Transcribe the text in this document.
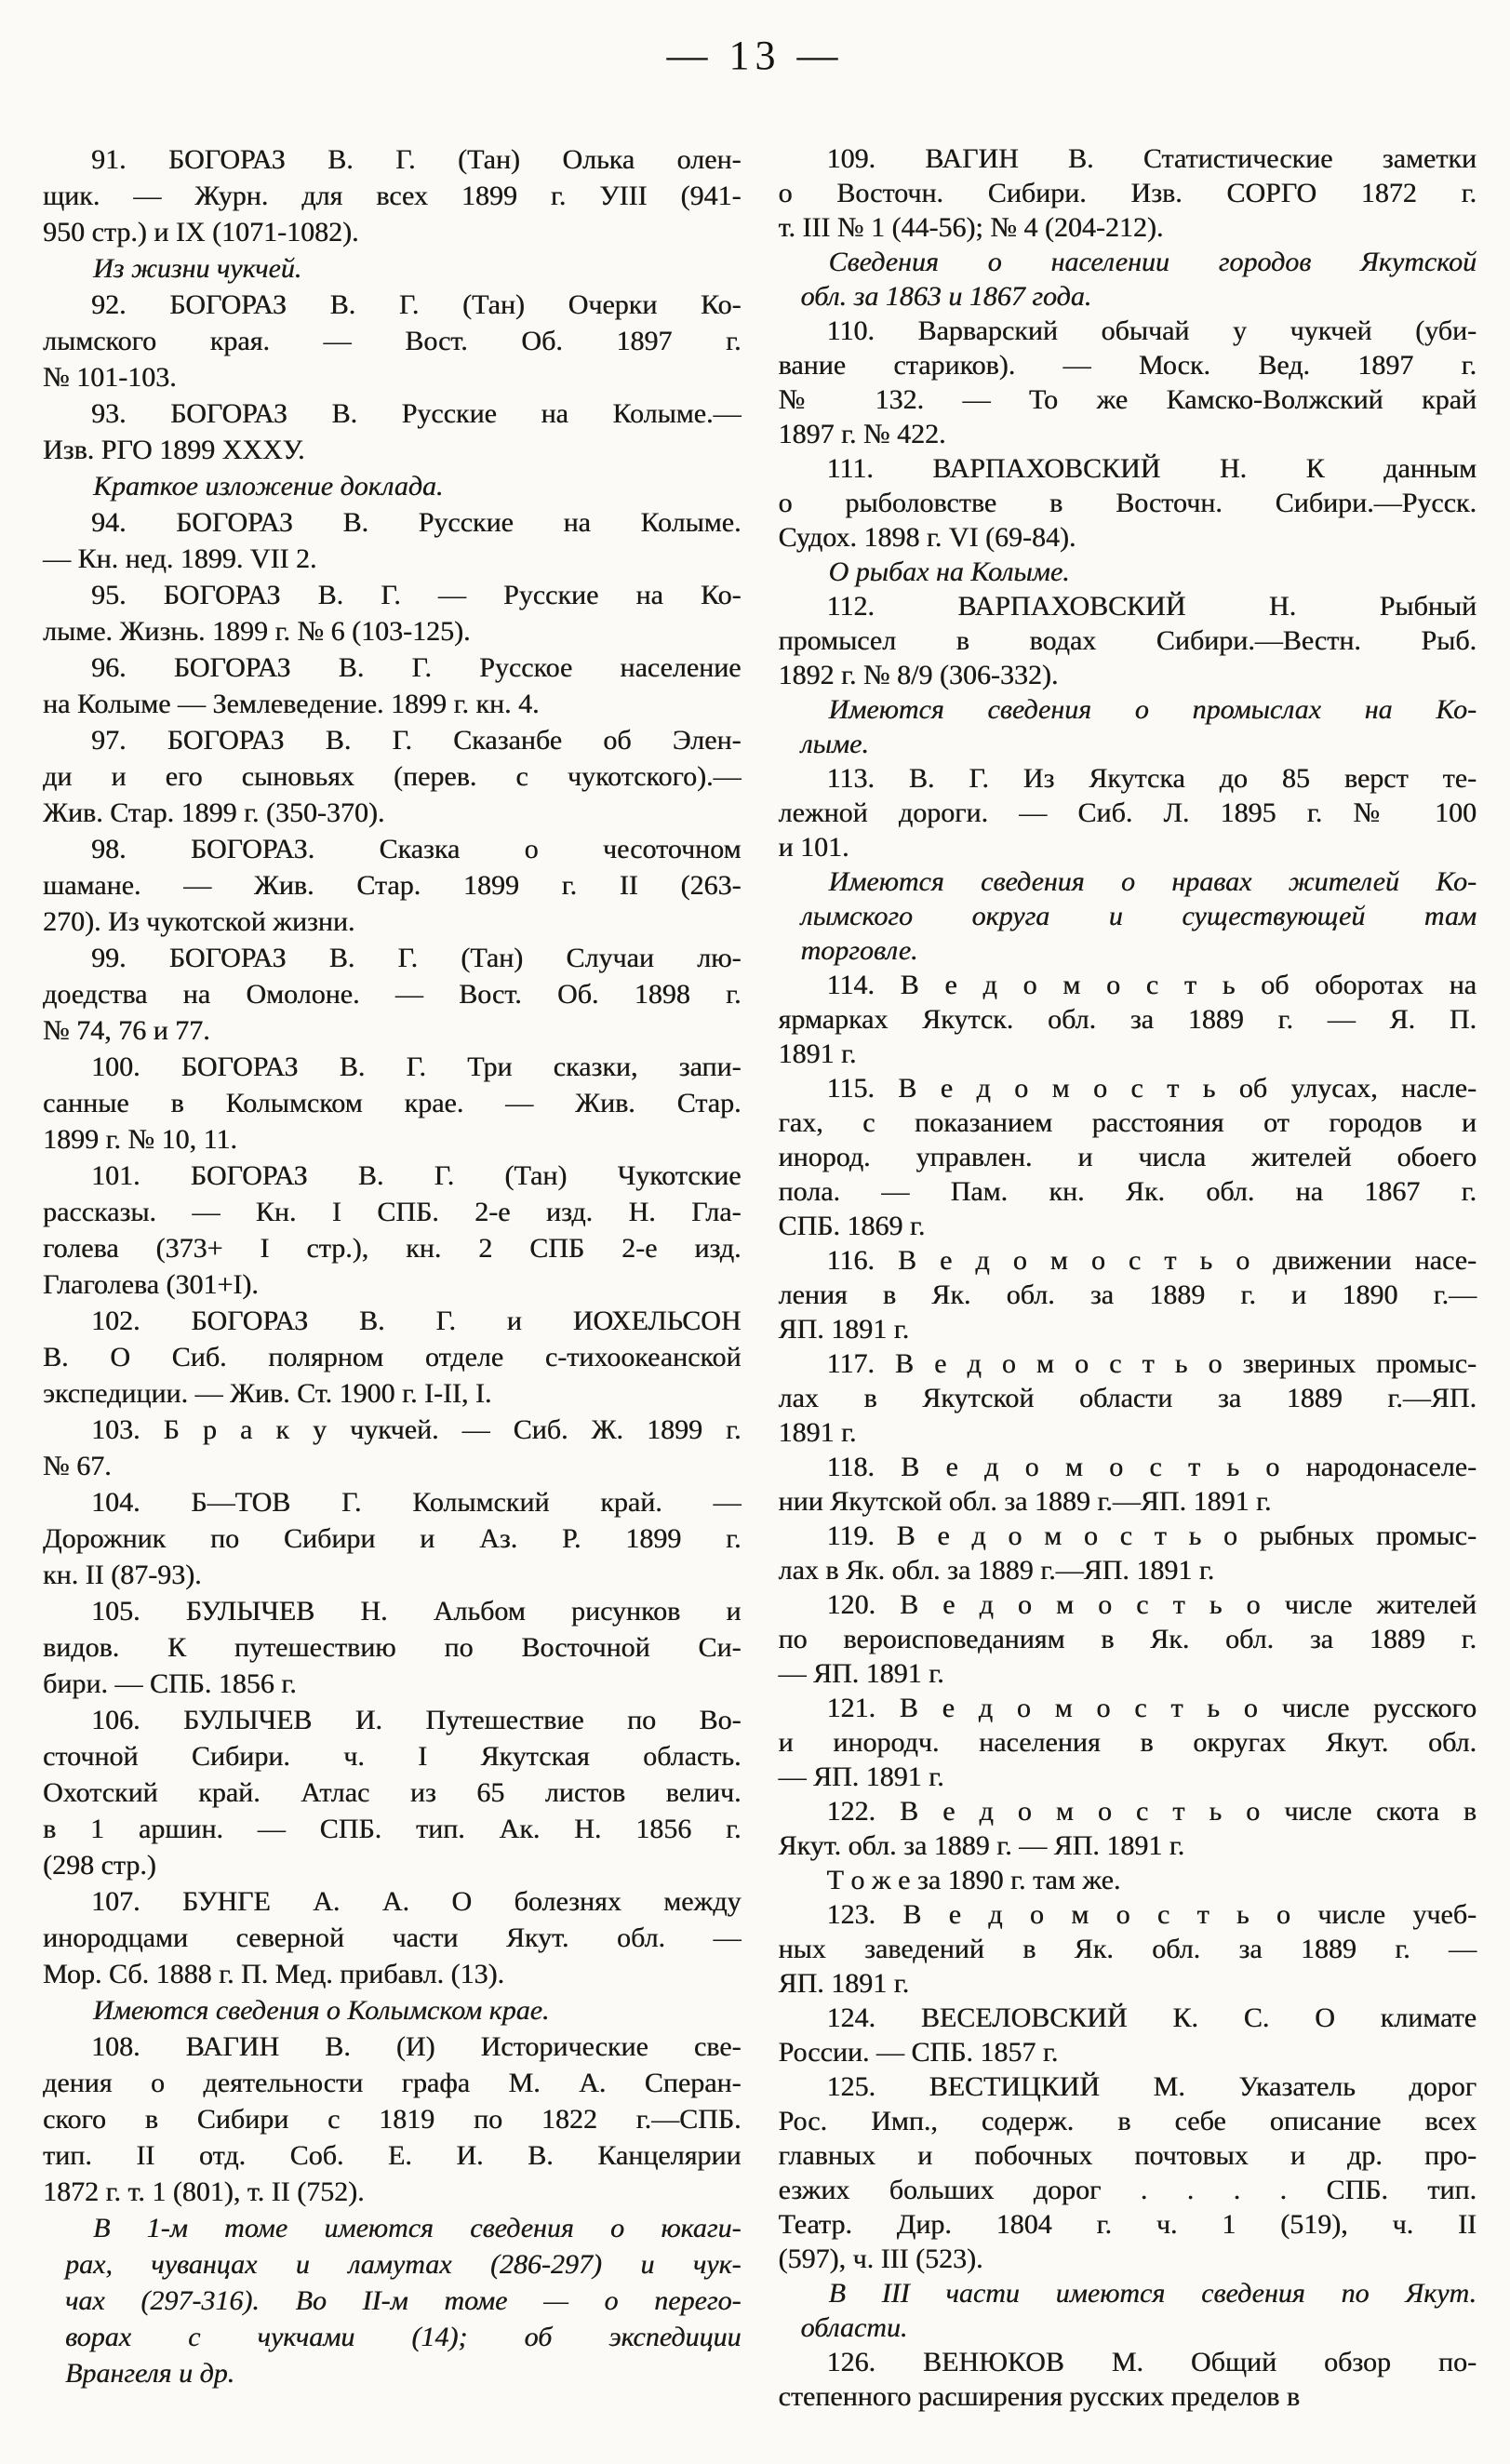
— 13 —

91. БОГОРАЗ В. Г. (Тан) Олька олен-
щик. — Журн. для всех 1899 г. УIII (941-
950 стр.) и IX (1071-1082).

Из жизни чукчей.

92. БОГОРАЗ В. Г. (Тан) Очерки Ко-
лымского края. — Вост. Об. 1897 г.
№ 101-103.

93. БОГОРАЗ В. Русские на Колыме.—
Изв. РГО 1899 ХХХУ.

Краткое изложение доклада.

94. БОГОРАЗ В. Русские на Колыме.
— Кн. нед. 1899. VII 2.

95. БОГОРАЗ В. Г. — Русские на Ко-
лыме. Жизнь. 1899 г. № 6 (103-125).

96. БОГОРАЗ В. Г. Русское население
на Колыме — Землеведение. 1899 г. кн. 4.

97. БОГОРАЗ В. Г. Сказанбе об Элен-
ди и его сыновьях (перев. с чукотского).—
Жив. Стар. 1899 г. (350-370).

98. БОГОРАЗ. Сказка о чесоточном
шамане. — Жив. Стар. 1899 г. II (263-
270). Из чукотской жизни.

99. БОГОРАЗ В. Г. (Тан) Случаи лю-
доедства на Омолоне. — Вост. Об. 1898 г.
№ 74, 76 и 77.

100. БОГОРАЗ В. Г. Три сказки, запи-
санные в Колымском крае. — Жив. Стар.
1899 г. № 10, 11.

101. БОГОРАЗ В. Г. (Тан) Чукотские
рассказы. — Кн. I СПБ. 2-е изд. Н. Гла-
голева (373+ I стр.), кн. 2 СПБ 2-е изд.
Глаголева (301+I).

102. БОГОРАЗ В. Г. и ИОХЕЛЬСОН
В. О Сиб. полярном отделе с-тихоокеанской
экспедиции. — Жив. Ст. 1900 г. I-II, I.

103. Б р а к у чукчей. — Сиб. Ж. 1899 г.
№ 67.

104. Б—ТОВ Г. Колымский край. —
Дорожник по Сибири и Аз. Р. 1899 г.
кн. II (87-93).

105. БУЛЫЧЕВ Н. Альбом рисунков и
видов. К путешествию по Восточной Си-
бири. — СПБ. 1856 г.

106. БУЛЫЧЕВ И. Путешествие по Во-
сточной Сибири. ч. I Якутская область.
Охотский край. Атлас из 65 листов велич.
в 1 аршин. — СПБ. тип. Ак. Н. 1856 г.
(298 стр.)

107. БУНГЕ А. А. О болезнях между
инородцами северной части Якут. обл. —
Мор. Сб. 1888 г. П. Мед. прибавл. (13).

Имеются сведения о Колымском крае.

108. ВАГИН В. (И) Исторические све-
дения о деятельности графа М. А. Сперан-
ского в Сибири с 1819 по 1822 г.—СПБ.
тип. II отд. Соб. Е. И. В. Канцелярии
1872 г. т. 1 (801), т. II (752).

В 1-м томе имеются сведения о юкаги-
рах, чуванцах и ламутах (286-297) и чук-
чах (297-316). Во II-м томе — о перего-
ворах с чукчами (14); об экспедиции
Врангеля и др.

109. ВАГИН В. Статистические заметки
о Восточн. Сибири. Изв. СОРГО 1872 г.
т. III № 1 (44-56); № 4 (204-212).

Сведения о населении городов Якутской
обл. за 1863 и 1867 года.

110. Варварский обычай у чукчей (уби-
вание стариков). — Моск. Вед. 1897 г.
№ 132. — То же Камско-Волжский край
1897 г. № 422.

111. ВАРПАХОВСКИЙ Н. К данным
о рыболовстве в Восточн. Сибири.—Русск.
Судох. 1898 г. VI (69-84).

О рыбах на Колыме.

112. ВАРПАХОВСКИЙ Н. Рыбный
промысел в водах Сибири.—Вестн. Рыб.
1892 г. № 8/9 (306-332).

Имеются сведения о промыслах на Ко-
лыме.

113. В. Г. Из Якутска до 85 верст те-
лежной дороги. — Сиб. Л. 1895 г. № 100
и 101.

Имеются сведения о нравах жителей Ко-
лымского округа и существующей там
торговле.

114. В е д о м о с т ь об оборотах на
ярмарках Якутск. обл. за 1889 г. — Я. П.
1891 г.

115. В е д о м о с т ь об улусах, насле-
гах, с показанием расстояния от городов и
инород. управлен. и числа жителей обоего
пола. — Пам. кн. Як. обл. на 1867 г.
СПБ. 1869 г.

116. В е д о м о с т ь о движении насе-
ления в Як. обл. за 1889 г. и 1890 г.—
ЯП. 1891 г.

117. В е д о м о с т ь о звериных промыс-
лах в Якутской области за 1889 г.—ЯП.
1891 г.

118. В е д о м о с т ь о народонаселе-
нии Якутской обл. за 1889 г.—ЯП. 1891 г.

119. В е д о м о с т ь о рыбных промыс-
лах в Як. обл. за 1889 г.—ЯП. 1891 г.

120. В е д о м о с т ь о числе жителей
по вероисповеданиям в Як. обл. за 1889 г.
— ЯП. 1891 г.

121. В е д о м о с т ь о числе русского
и инородч. населения в округах Якут. обл.
— ЯП. 1891 г.

122. В е д о м о с т ь о числе скота в
Якут. обл. за 1889 г. — ЯП. 1891 г.

Т о ж е за 1890 г. там же.

123. В е д о м о с т ь о числе учеб-
ных заведений в Як. обл. за 1889 г. —
ЯП. 1891 г.

124. ВЕСЕЛОВСКИЙ К. С. О климате
России. — СПБ. 1857 г.

125. ВЕСТИЦКИЙ М. Указатель дорог
Рос. Имп., содерж. в себе описание всех
главных и побочных почтовых и др. про-
езжих больших дорог . . . . СПБ. тип.
Театр. Дир. 1804 г. ч. 1 (519), ч. II
(597), ч. III (523).

В III части имеются сведения по Якут.
области.

126. ВЕНЮКОВ М. Общий обзор по-
степенного расширения русских пределов в
